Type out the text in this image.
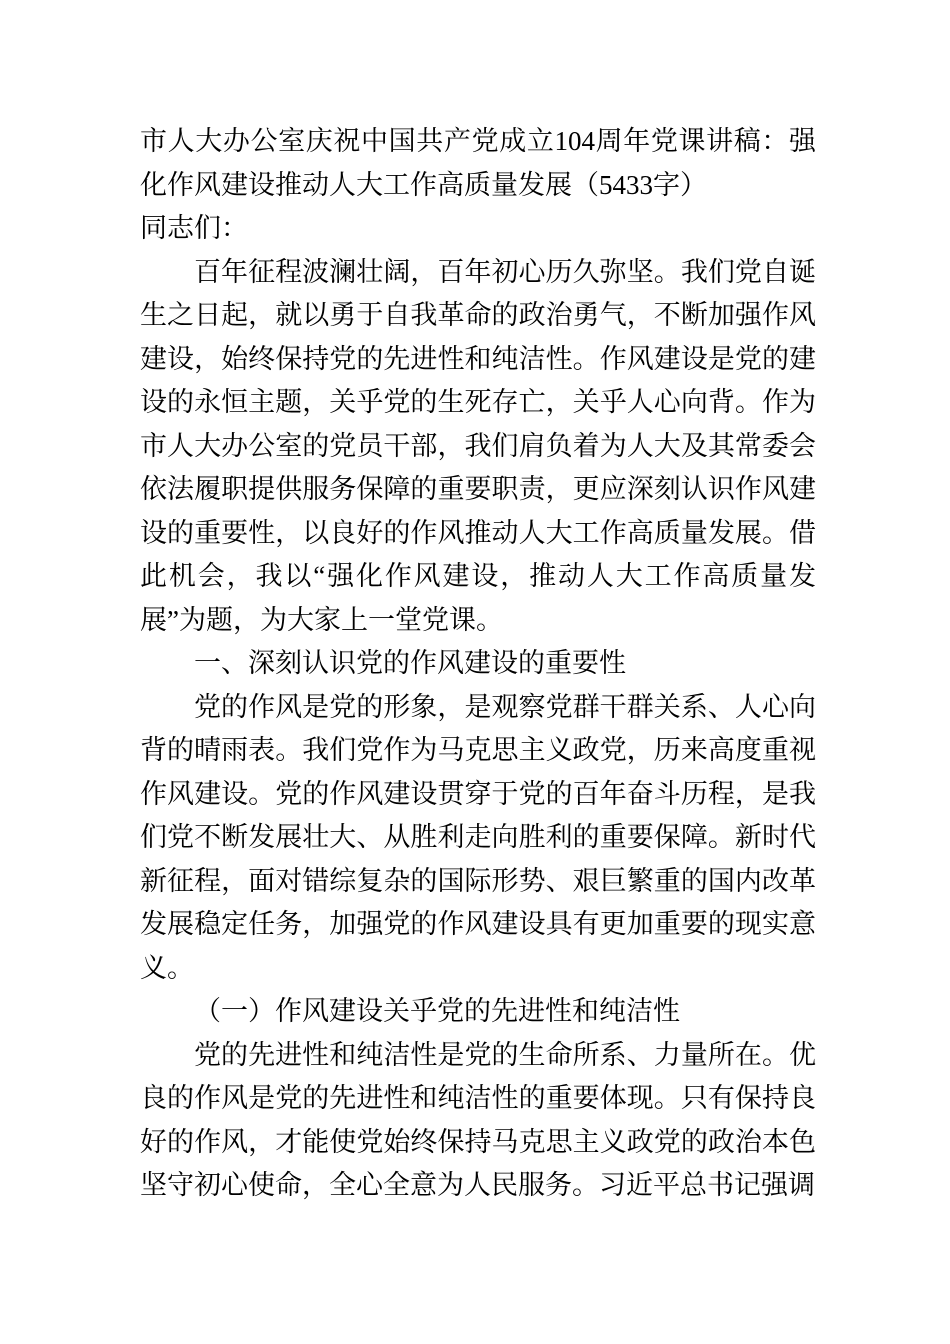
市人大办公室庆祝中国共产党成立104周年党课讲稿：强化作风建设推动人大工作高质量发展（5433字）

同志们：

百年征程波澜壮阔，百年初心历久弥坚。我们党自诞生之日起，就以勇于自我革命的政治勇气，不断加强作风建设，始终保持党的先进性和纯洁性。作风建设是党的建设的永恒主题，关乎党的生死存亡，关乎人心向背。作为市人大办公室的党员干部，我们肩负着为人大及其常委会依法履职提供服务保障的重要职责，更应深刻认识作风建设的重要性，以良好的作风推动人大工作高质量发展。借此机会，我以“强化作风建设，推动人大工作高质量发展”为题，为大家上一堂党课。

一、深刻认识党的作风建设的重要性

党的作风是党的形象，是观察党群干群关系、人心向背的晴雨表。我们党作为马克思主义政党，历来高度重视作风建设。党的作风建设贯穿于党的百年奋斗历程，是我们党不断发展壮大、从胜利走向胜利的重要保障。新时代新征程，面对错综复杂的国际形势、艰巨繁重的国内改革发展稳定任务，加强党的作风建设具有更加重要的现实意义。

（一）作风建设关乎党的先进性和纯洁性

党的先进性和纯洁性是党的生命所系、力量所在。优良的作风是党的先进性和纯洁性的重要体现。只有保持良好的作风，才能使党始终保持马克思主义政党的政治本色坚守初心使命，全心全意为人民服务。习近平总书记强调
